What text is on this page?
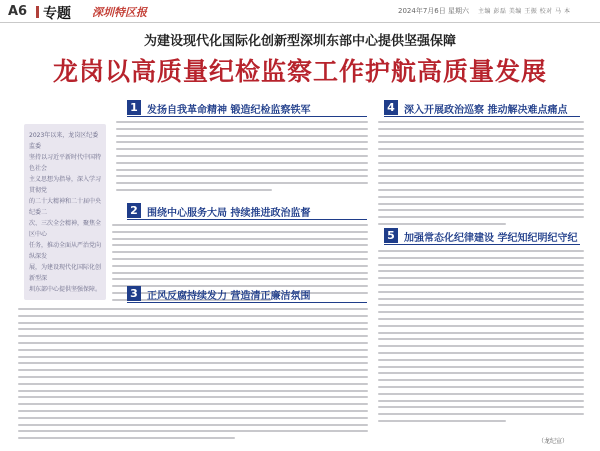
A6 专题 深圳特区报	2024年7月6日 星期六 主编 彭磊 美编 王振 校对 马 本
为建设现代化国际化创新型深圳东部中心提供坚强保障
龙岗以高质量纪检监察工作护航高质量发展
2023年以来，龙岗区纪委监委
坚持以习近平新时代中国特色社会
主义思想为指导，深入学习贯彻党
的二十大精神和二十届中央纪委二
次、三次全会精神，聚焦全区中心
任务，推动全面从严治党向纵深发
展，为建设现代化国际化创新型深
圳东部中心提供坚强保障。
1 发扬自我革命精神 锻造纪检监察铁军
2 围绕中心服务大局 持续推进政治监督
3 正风反腐持续发力 营造清正廉洁氛围
4 深入开展政治巡察 推动解决难点痛点
5 加强常态化纪律建设 学纪知纪明纪守纪
（龙纪宣）
